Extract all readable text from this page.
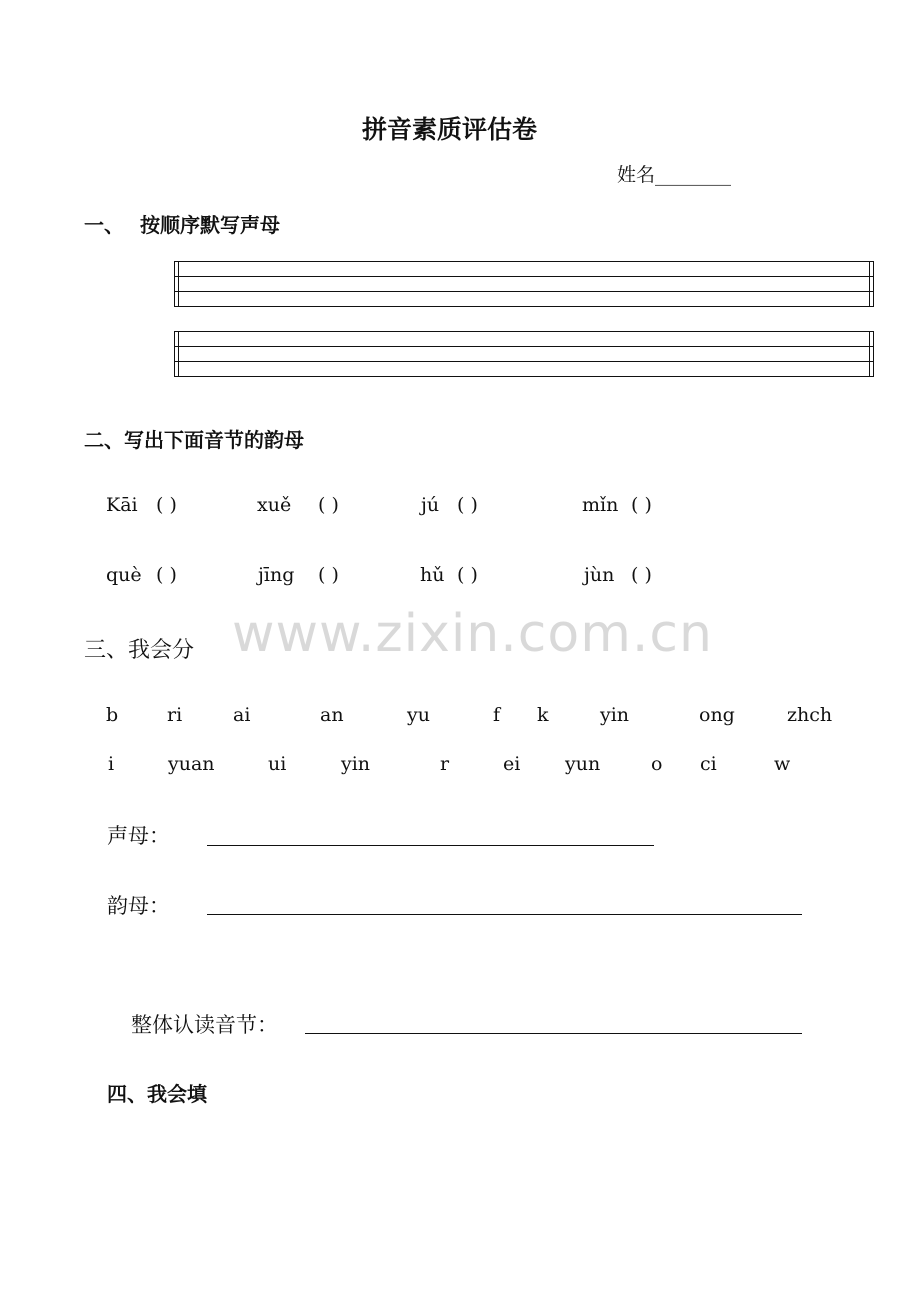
拼音素质评估卷
姓名________
一、 按顺序默写声母
二、写出下面音节的韵母
Kāi ( )	xuě ( )	jú ( )	mǐn ( )
què ( )	jīng ( )	hǔ ( )	jùn ( )
www.zixin.com.cn
三、我会分
b	ri	ai	an	yu	f k	yin	ong	zhch
i	yuan	ui	yin	r	ei yun	o ci	w
声母：
韵母：
整体认读音节：
四、我会填
